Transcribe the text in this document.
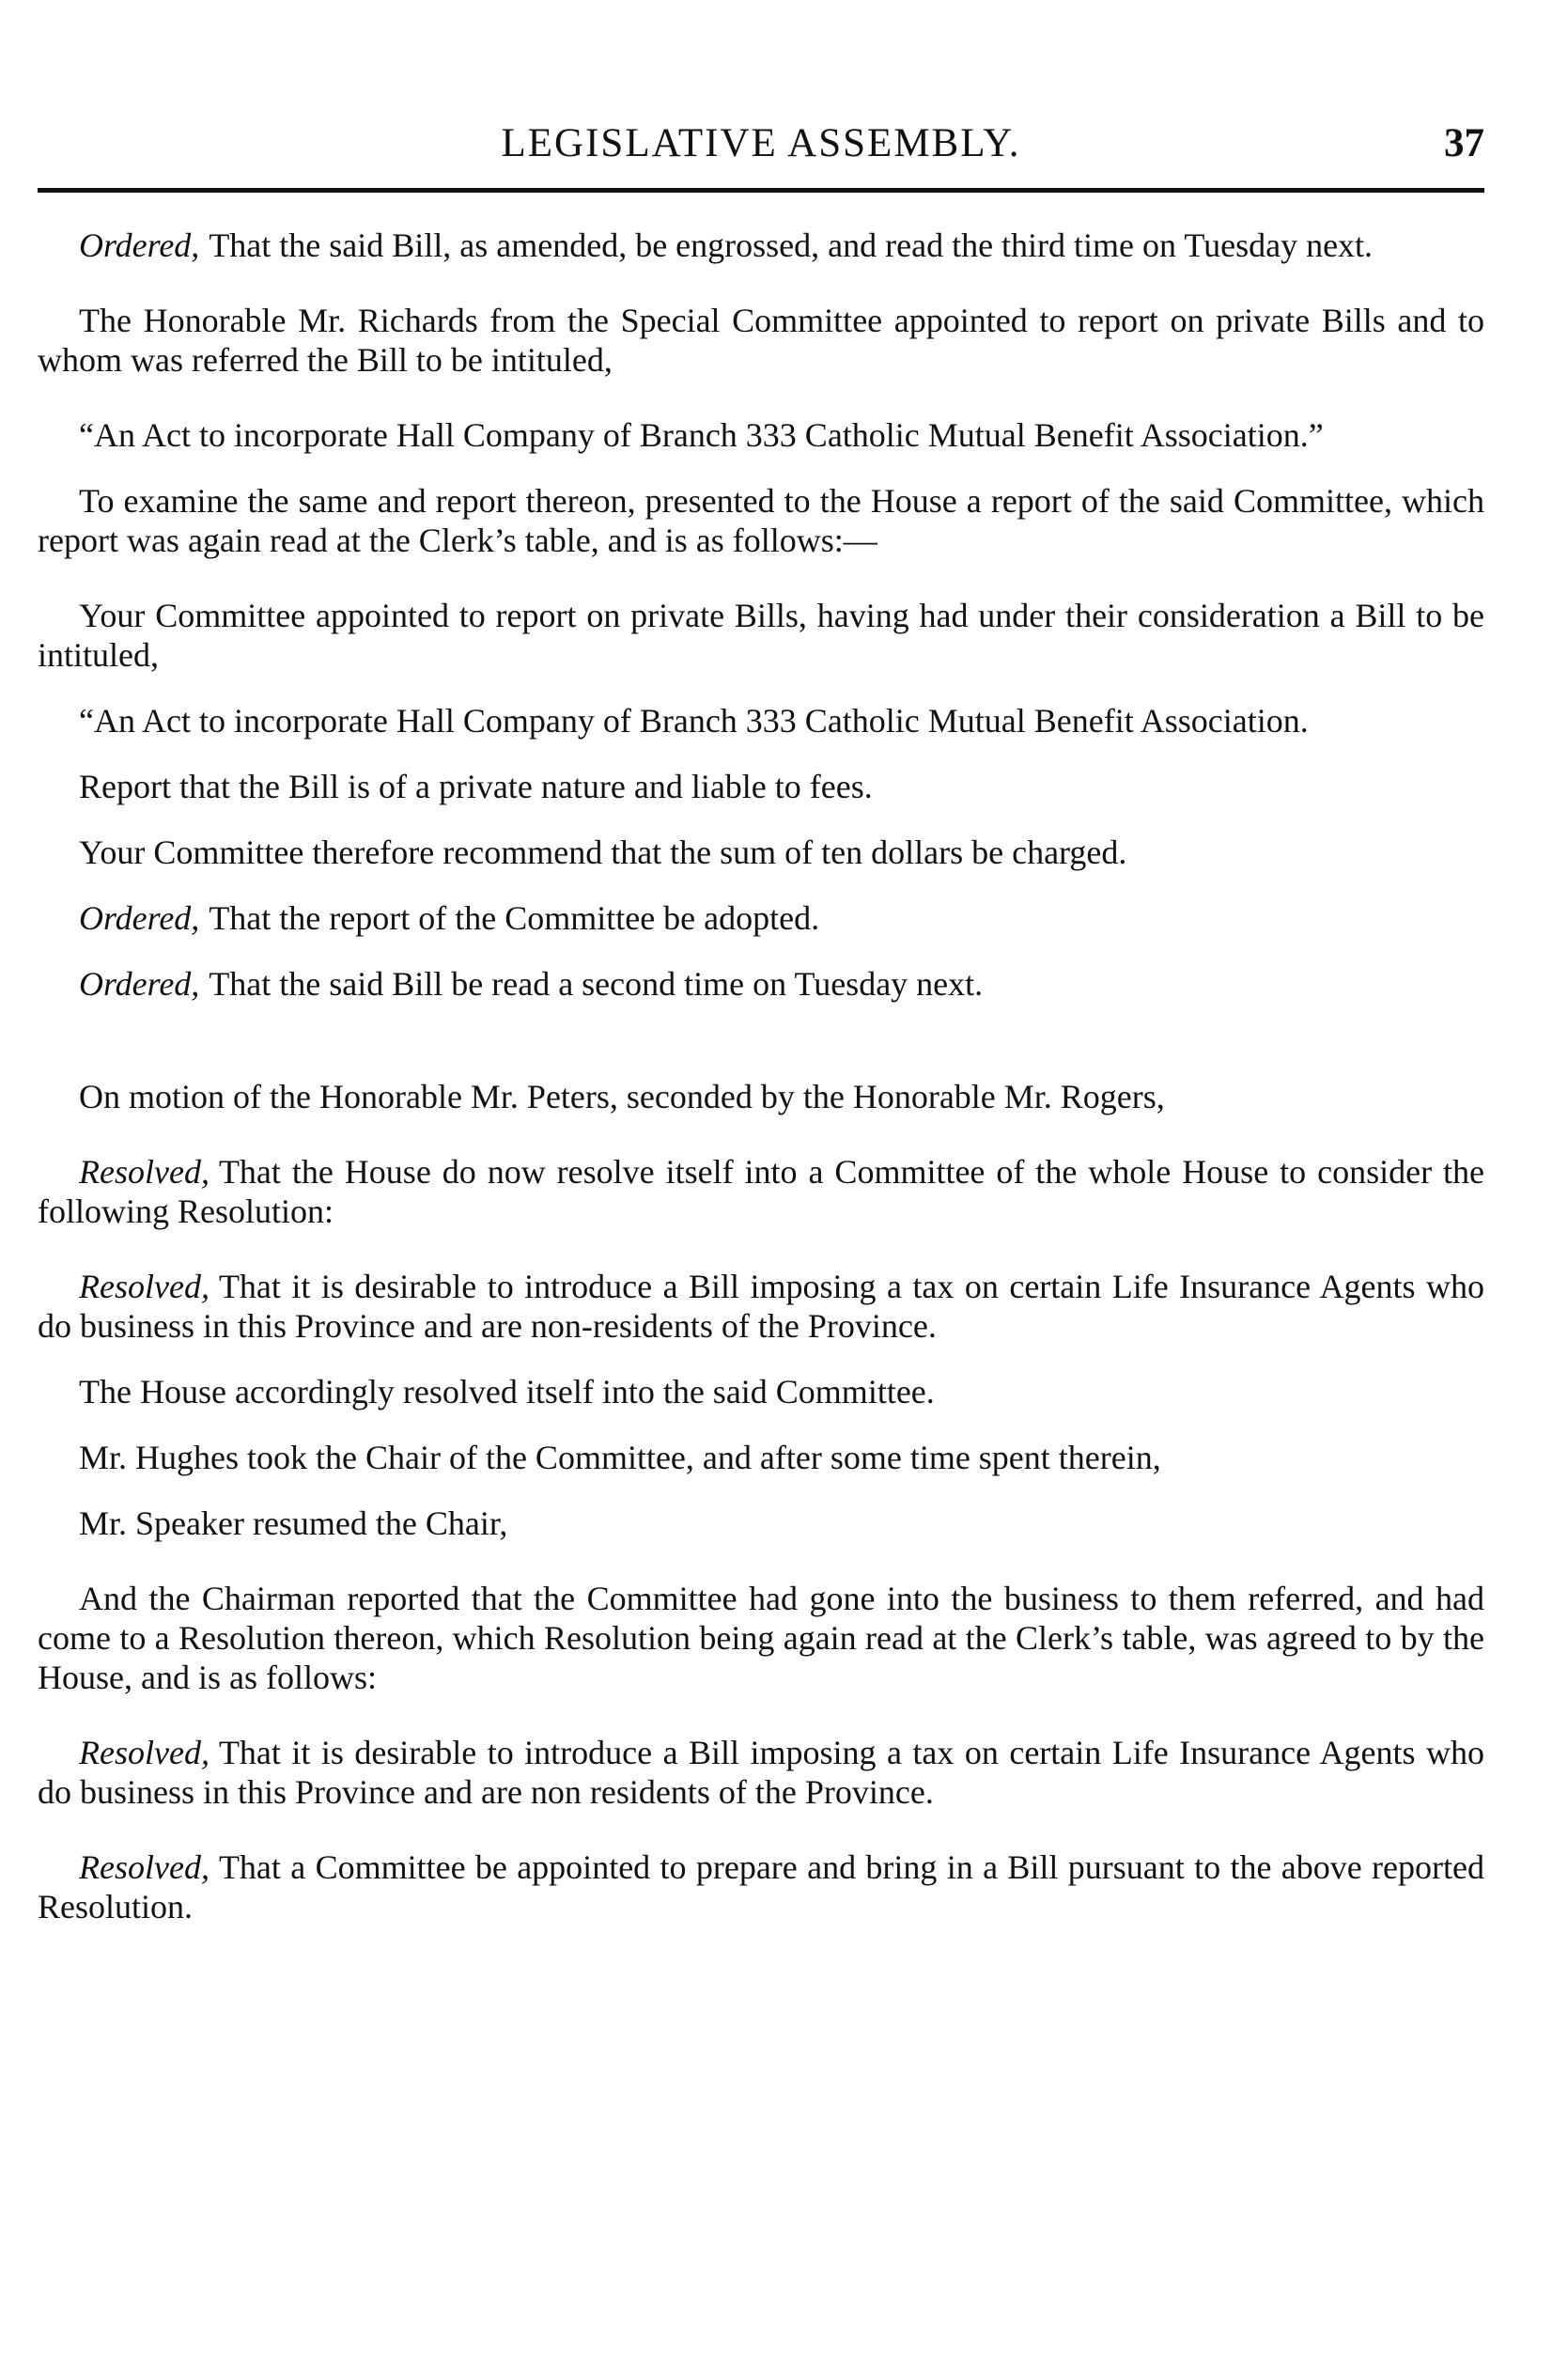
LEGISLATIVE ASSEMBLY.	37

Ordered, That the said Bill, as amended, be engrossed, and read the third time on Tuesday next.

The Honorable Mr. Richards from the Special Committee appointed to report on private Bills and to whom was referred the Bill to be intituled,

“An Act to incorporate Hall Company of Branch 333 Catholic Mutual Benefit Association.”

To examine the same and report thereon, presented to the House a report of the said Committee, which report was again read at the Clerk’s table, and is as follows:—

Your Committee appointed to report on private Bills, having had under their consideration a Bill to be intituled,

“An Act to incorporate Hall Company of Branch 333 Catholic Mutual Benefit Association.

Report that the Bill is of a private nature and liable to fees.

Your Committee therefore recommend that the sum of ten dollars be charged.

Ordered, That the report of the Committee be adopted.

Ordered, That the said Bill be read a second time on Tuesday next.

On motion of the Honorable Mr. Peters, seconded by the Honorable Mr. Rogers,

Resolved, That the House do now resolve itself into a Committee of the whole House to consider the following Resolution:

Resolved, That it is desirable to introduce a Bill imposing a tax on certain Life Insurance Agents who do business in this Province and are non-residents of the Province.

The House accordingly resolved itself into the said Committee.

Mr. Hughes took the Chair of the Committee, and after some time spent therein,

Mr. Speaker resumed the Chair,

And the Chairman reported that the Committee had gone into the business to them referred, and had come to a Resolution thereon, which Resolution being again read at the Clerk’s table, was agreed to by the House, and is as follows:

Resolved, That it is desirable to introduce a Bill imposing a tax on certain Life Insurance Agents who do business in this Province and are non residents of the Province.

Resolved, That a Committee be appointed to prepare and bring in a Bill pursuant to the above reported Resolution.
